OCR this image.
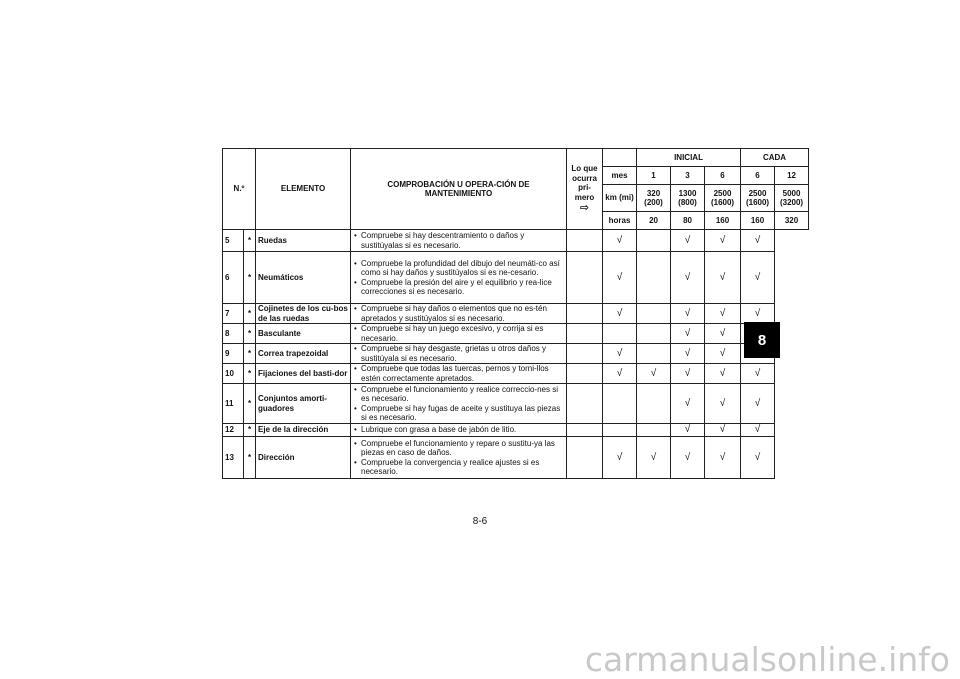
N.º		ELEMENTO	COMPROBACIÓN U OPERA-CIÓN DE MANTENIMIENTO	Lo que ocurra pri-mero
⇨		INICIAL			CADA	
					mes	1	3	6	6	12
					km (mi)	320 (200)	1300 (800)	2500 (1600)	2500 (1600)	5000 (3200)
					horas	20	80	160	160	320
5	*	Ruedas	• Compruebe si hay descentramiento o daños y sustitúyalas si es necesario.		√		√	√	√	
6	*	Neumáticos	• Compruebe la profundidad del dibujo del neumáti-co así como si hay daños y sustitúyalos si es ne-cesario.
• Compruebe la presión del aire y el equilibrio y rea-lice correcciones si es necesario.		√		√	√	√	
7	*	Cojinetes de los cu-bos de las ruedas	• Compruebe si hay daños o elementos que no es-tén apretados y sustitúyalos si es necesario.		√		√	√	√	
8	*	Basculante	• Compruebe si hay un juego excesivo, y corrija si es necesario.				√	√	
9	*	Correa trapezoidal	• Compruebe si hay desgaste, grietas u otros daños y sustitúyala si es necesario.		√		√	√	
10	*	Fijaciones del basti-dor	• Compruebe que todas las tuercas, pernos y torni-llos estén correctamente apretados.		√	√	√	√	√	
11	*	Conjuntos amorti-guadores	• Compruebe el funcionamiento y realice correccio-nes si es necesario.
• Compruebe si hay fugas de aceite y sustituya las piezas si es necesario.				√	√	√	
12	*	Eje de la dirección	• Lubrique con grasa a base de jabón de litio.				√	√	√	
13	*	Dirección	• Compruebe el funcionamiento y repare o sustitu-ya las piezas en caso de daños.
• Compruebe la convergencia y realice ajustes si es necesario.		√	√	√	√	√	
8
8-6
carmanualsonline.info
